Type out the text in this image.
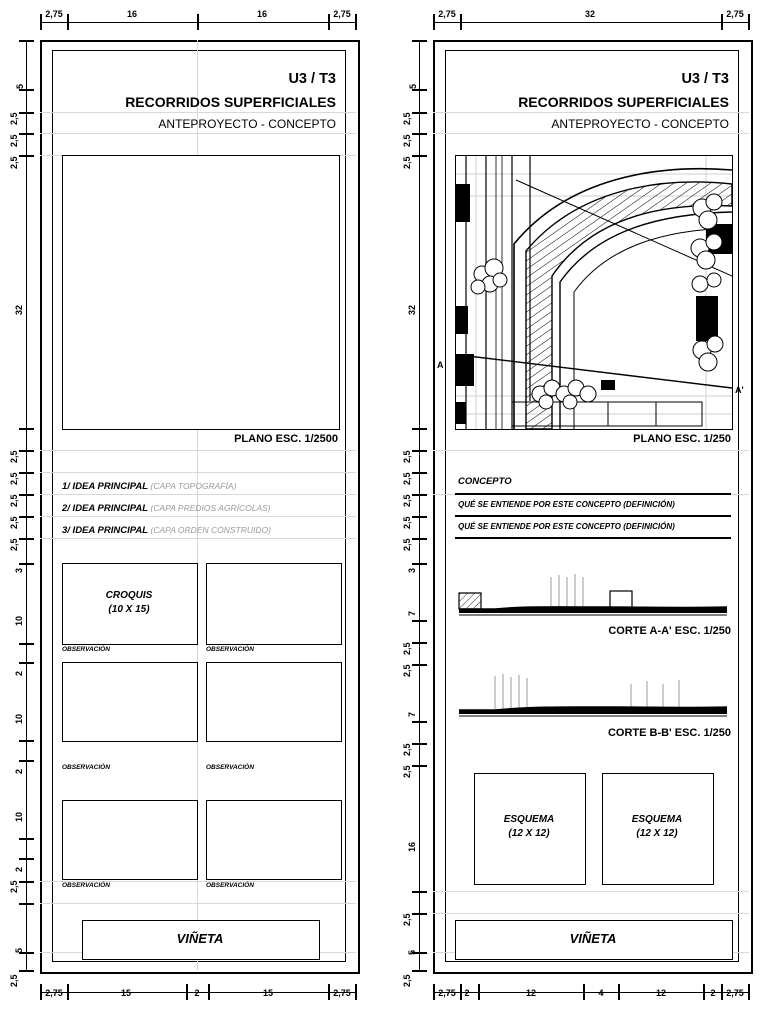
2,75	16	16	2,75
5
2,5
2,5
2,5
32
2,5
2,5
2,5
2,5
2,5
3
10
2
10
2
10
2
2,5
5
2,5
U3 / T3
RECORRIDOS SUPERFICIALES
ANTEPROYECTO - CONCEPTO
PLANO ESC. 1/2500
1/ IDEA PRINCIPAL (CAPA TOPOGRAFÍA)
2/ IDEA PRINCIPAL (CAPA PREDIOS AGRÍCOLAS)
3/ IDEA PRINCIPAL (CAPA ORDEN CONSTRUIDO)
CROQUIS
(10 X 15)
OBSERVACIÓN	OBSERVACIÓN
OBSERVACIÓN	OBSERVACIÓN
OBSERVACIÓN	OBSERVACIÓN
VIÑETA
2,75	15	2	15	2,75
2,75	32	2,75
5
2,5
2,5
2,5
32
2,5
2,5
2,5
2,5
2,5
3
7
2,5
2,5
7
2,5
2,5
16
2,5
5
2,5
U3 / T3
RECORRIDOS SUPERFICIALES
ANTEPROYECTO - CONCEPTO
A
A'
PLANO ESC. 1/250
CONCEPTO
QUÉ SE ENTIENDE POR ESTE CONCEPTO (DEFINICIÓN)
QUÉ SE ENTIENDE POR ESTE CONCEPTO (DEFINICIÓN)
CORTE A-A' ESC. 1/250
CORTE B-B' ESC. 1/250
ESQUEMA
(12 X 12)
ESQUEMA
(12 X 12)
VIÑETA
2,75 2	12	4	12	2	2,75
